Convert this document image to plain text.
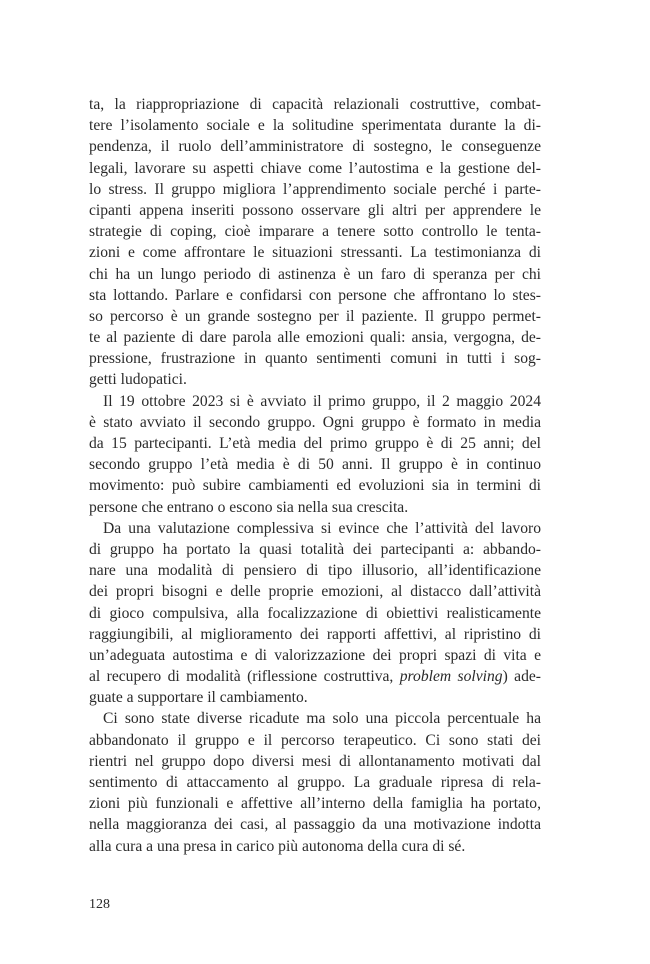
ta, la riappropriazione di capacità relazionali costruttive, combat-
tere l’isolamento sociale e la solitudine sperimentata durante la di-
pendenza, il ruolo dell’amministratore di sostegno, le conseguenze
legali, lavorare su aspetti chiave come l’autostima e la gestione del-
lo stress. Il gruppo migliora l’apprendimento sociale perché i parte-
cipanti appena inseriti possono osservare gli altri per apprendere le
strategie di coping, cioè imparare a tenere sotto controllo le tenta-
zioni e come affrontare le situazioni stressanti. La testimonianza di
chi ha un lungo periodo di astinenza è un faro di speranza per chi
sta lottando. Parlare e confidarsi con persone che affrontano lo stes-
so percorso è un grande sostegno per il paziente. Il gruppo permet-
te al paziente di dare parola alle emozioni quali: ansia, vergogna, de-
pressione, frustrazione in quanto sentimenti comuni in tutti i sog-
getti ludopatici.
Il 19 ottobre 2023 si è avviato il primo gruppo, il 2 maggio 2024
è stato avviato il secondo gruppo. Ogni gruppo è formato in media
da 15 partecipanti. L’età media del primo gruppo è di 25 anni; del
secondo gruppo l’età media è di 50 anni. Il gruppo è in continuo
movimento: può subire cambiamenti ed evoluzioni sia in termini di
persone che entrano o escono sia nella sua crescita.
Da una valutazione complessiva si evince che l’attività del lavoro
di gruppo ha portato la quasi totalità dei partecipanti a: abbando-
nare una modalità di pensiero di tipo illusorio, all’identificazione
dei propri bisogni e delle proprie emozioni, al distacco dall’attività
di gioco compulsiva, alla focalizzazione di obiettivi realisticamente
raggiungibili, al miglioramento dei rapporti affettivi, al ripristino di
un’adeguata autostima e di valorizzazione dei propri spazi di vita e
al recupero di modalità (riflessione costruttiva, problem solving) ade-
guate a supportare il cambiamento.
Ci sono state diverse ricadute ma solo una piccola percentuale ha
abbandonato il gruppo e il percorso terapeutico. Ci sono stati dei
rientri nel gruppo dopo diversi mesi di allontanamento motivati dal
sentimento di attaccamento al gruppo. La graduale ripresa di rela-
zioni più funzionali e affettive all’interno della famiglia ha portato,
nella maggioranza dei casi, al passaggio da una motivazione indotta
alla cura a una presa in carico più autonoma della cura di sé.
128
